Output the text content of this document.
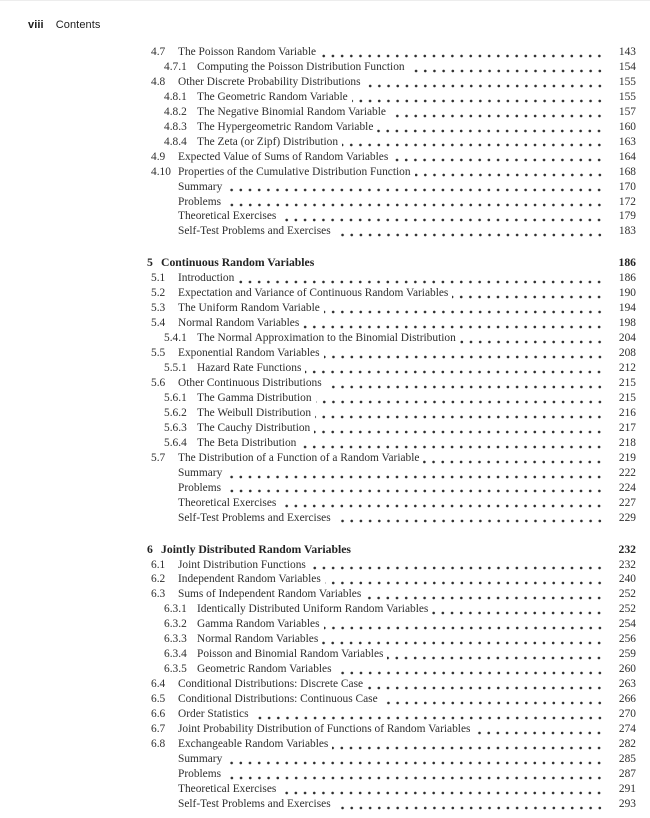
viii Contents
4.7	The Poisson Random Variable	143
4.7.1 Computing the Poisson Distribution Function	154
4.8	Other Discrete Probability Distributions	155
4.8.1 The Geometric Random Variable	155
4.8.2 The Negative Binomial Random Variable	157
4.8.3 The Hypergeometric Random Variable	160
4.8.4 The Zeta (or Zipf) Distribution	163
4.9	Expected Value of Sums of Random Variables	164
4.10 Properties of the Cumulative Distribution Function	168
Summary	170
Problems	172
Theoretical Exercises	179
Self-Test Problems and Exercises	183
5 Continuous Random Variables	186
5.1	Introduction	186
5.2	Expectation and Variance of Continuous Random Variables	190
5.3	The Uniform Random Variable	194
5.4	Normal Random Variables	198
5.4.1 The Normal Approximation to the Binomial Distribution	204
5.5	Exponential Random Variables	208
5.5.1 Hazard Rate Functions	212
5.6	Other Continuous Distributions	215
5.6.1 The Gamma Distribution	215
5.6.2 The Weibull Distribution	216
5.6.3 The Cauchy Distribution	217
5.6.4 The Beta Distribution	218
5.7	The Distribution of a Function of a Random Variable	219
Summary	222
Problems	224
Theoretical Exercises	227
Self-Test Problems and Exercises	229
6 Jointly Distributed Random Variables	232
6.1	Joint Distribution Functions	232
6.2	Independent Random Variables	240
6.3	Sums of Independent Random Variables	252
6.3.1 Identically Distributed Uniform Random Variables	252
6.3.2 Gamma Random Variables	254
6.3.3 Normal Random Variables	256
6.3.4 Poisson and Binomial Random Variables	259
6.3.5 Geometric Random Variables	260
6.4	Conditional Distributions: Discrete Case	263
6.5	Conditional Distributions: Continuous Case	266
6.6	Order Statistics	270
6.7	Joint Probability Distribution of Functions of Random Variables	274
6.8	Exchangeable Random Variables	282
Summary	285
Problems	287
Theoretical Exercises	291
Self-Test Problems and Exercises	293
